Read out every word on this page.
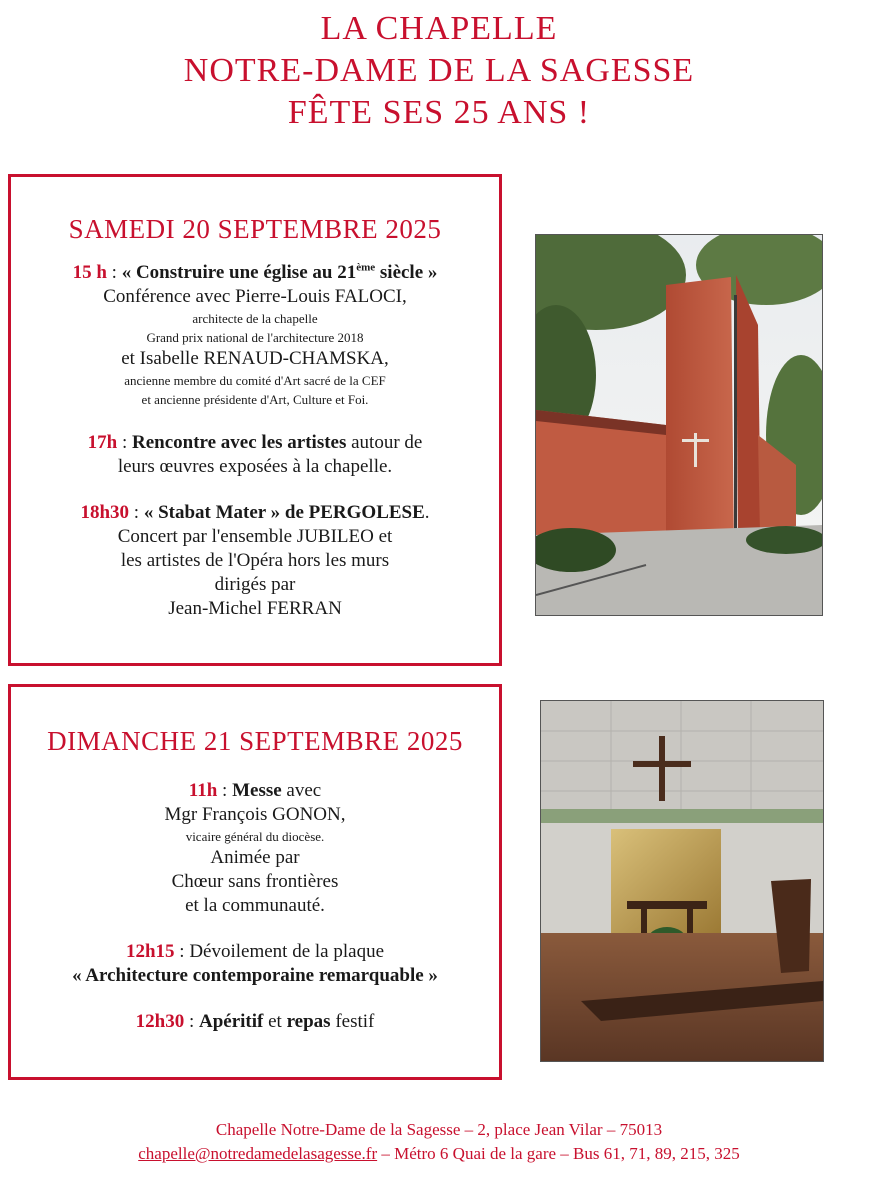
LA CHAPELLE
NOTRE-DAME DE LA SAGESSE
FÊTE SES 25 ANS !
SAMEDI 20 SEPTEMBRE 2025
15 h : « Construire une église au 21ème siècle »
Conférence avec Pierre-Louis FALOCI,
architecte de la chapelle
Grand prix national de l'architecture 2018
et Isabelle RENAUD-CHAMSKA,
ancienne membre du comité d'Art sacré de la CEF
et ancienne présidente d'Art, Culture et Foi.
17h : Rencontre avec les artistes autour de
leurs œuvres exposées à la chapelle.
18h30 : « Stabat Mater » de PERGOLESE.
Concert par l'ensemble JUBILEO et
les artistes de l'Opéra hors les murs
dirigés par
Jean-Michel FERRAN
DIMANCHE 21 SEPTEMBRE 2025
11h : Messe avec
Mgr François GONON,
vicaire général du diocèse.
Animée par
Chœur sans frontières
et la communauté.
12h15 : Dévoilement de la plaque
« Architecture contemporaine remarquable »
12h30 : Apéritif et repas festif
Chapelle Notre-Dame de la Sagesse – 2, place Jean Vilar – 75013
chapelle@notredamedelasagesse.fr – Métro 6 Quai de la gare – Bus 61, 71, 89, 215, 325
